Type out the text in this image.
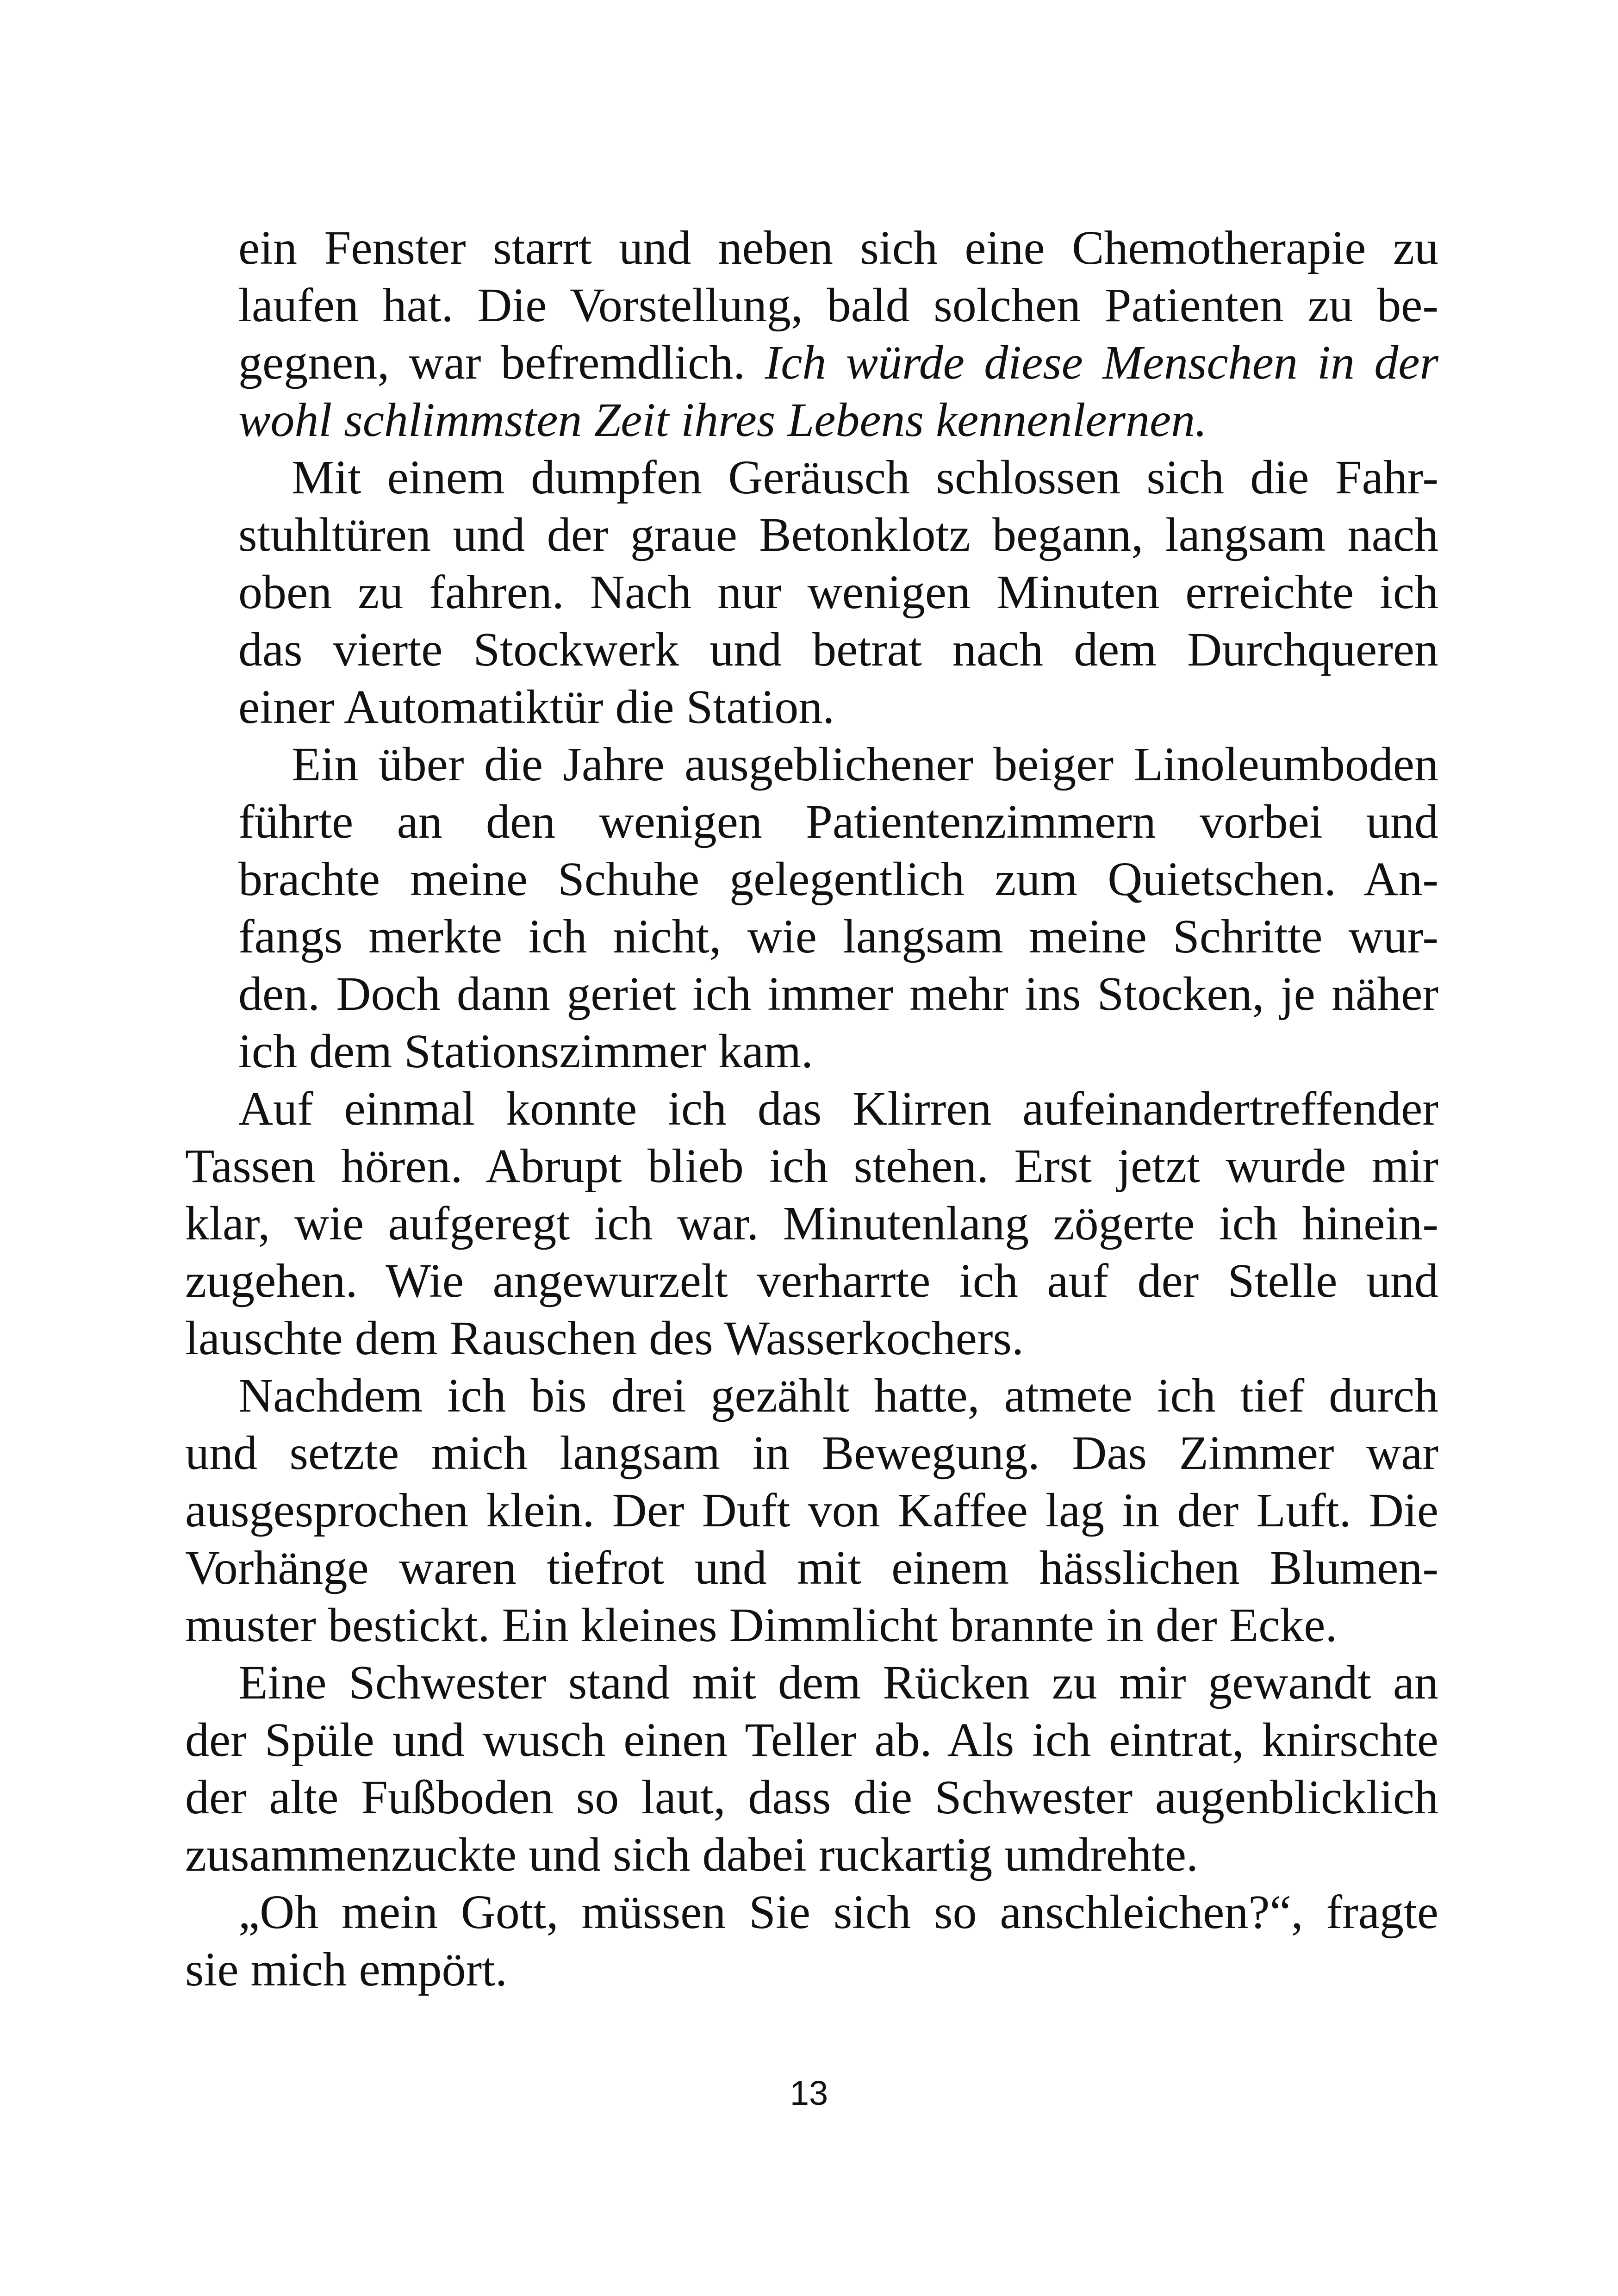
ein Fenster starrt und neben sich eine Chemotherapie zu
laufen hat. Die Vorstellung, bald solchen Patienten zu be-
gegnen, war befremdlich. Ich würde diese Menschen in der
wohl schlimmsten Zeit ihres Lebens kennenlernen.
Mit einem dumpfen Geräusch schlossen sich die Fahr-
stuhltüren und der graue Betonklotz begann, langsam nach
oben zu fahren. Nach nur wenigen Minuten erreichte ich
das vierte Stockwerk und betrat nach dem Durchqueren
einer Automatiktür die Station.
Ein über die Jahre ausgeblichener beiger Linoleumboden
führte an den wenigen Patientenzimmern vorbei und
brachte meine Schuhe gelegentlich zum Quietschen. An-
fangs merkte ich nicht, wie langsam meine Schritte wur-
den. Doch dann geriet ich immer mehr ins Stocken, je näher
ich dem Stationszimmer kam.
Auf einmal konnte ich das Klirren aufeinandertreffender
Tassen hören. Abrupt blieb ich stehen. Erst jetzt wurde mir
klar, wie aufgeregt ich war. Minutenlang zögerte ich hinein-
zugehen. Wie angewurzelt verharrte ich auf der Stelle und
lauschte dem Rauschen des Wasserkochers.
Nachdem ich bis drei gezählt hatte, atmete ich tief durch
und setzte mich langsam in Bewegung. Das Zimmer war
ausgesprochen klein. Der Duft von Kaffee lag in der Luft. Die
Vorhänge waren tiefrot und mit einem hässlichen Blumen-
muster bestickt. Ein kleines Dimmlicht brannte in der Ecke.
Eine Schwester stand mit dem Rücken zu mir gewandt an
der Spüle und wusch einen Teller ab. Als ich eintrat, knirschte
der alte Fußboden so laut, dass die Schwester augenblicklich
zusammenzuckte und sich dabei ruckartig umdrehte.
„Oh mein Gott, müssen Sie sich so anschleichen?“, fragte
sie mich empört.
13
